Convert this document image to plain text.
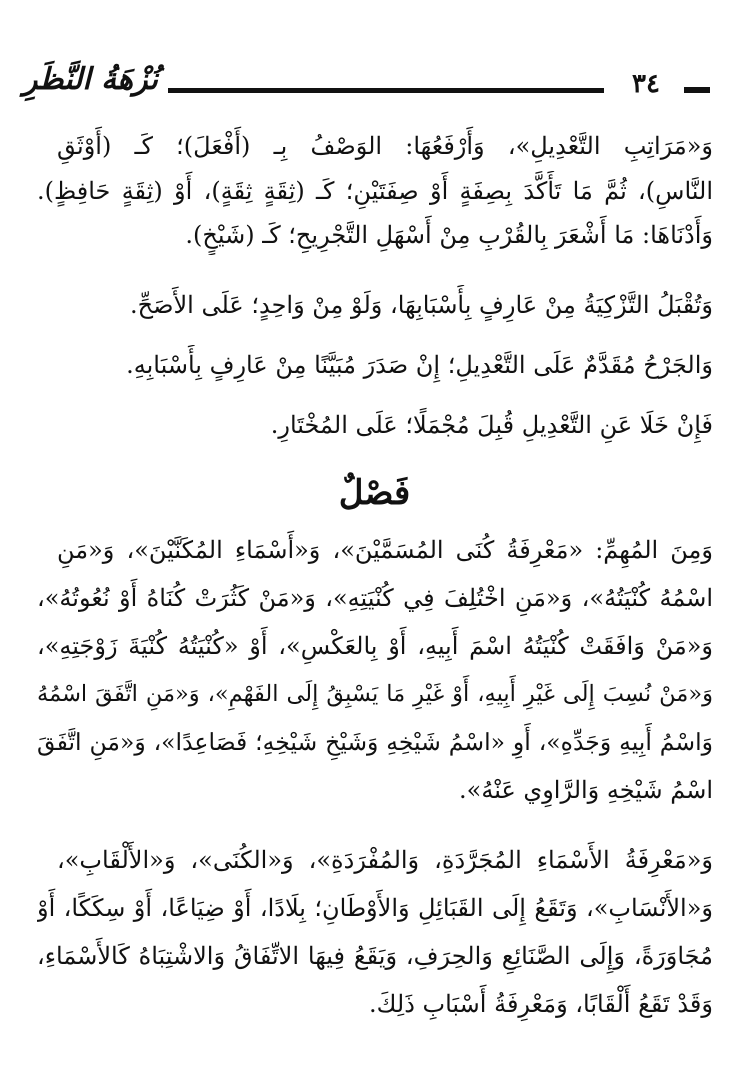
نُزْهَةُ النَّظَرِ	٣٤
وَ«مَرَاتِبِ التَّعْدِيلِ»، وَأَرْفَعُهَا: الوَصْفُ بِـ (أَفْعَلَ)؛ كَـ (أَوْثَقِ
النَّاسِ)، ثُمَّ مَا تَأَكَّدَ بِصِفَةٍ أَوْ صِفَتَيْنِ؛ كَـ (ثِقَةٍ ثِقَةٍ)، أَوْ (ثِقَةٍ حَافِظٍ).
وَأَدْنَاهَا: مَا أَشْعَرَ بِالقُرْبِ مِنْ أَسْهَلِ التَّجْرِيحِ؛ كَـ (شَيْخٍ).
وَتُقْبَلُ التَّزْكِيَةُ مِنْ عَارِفٍ بِأَسْبَابِهَا، وَلَوْ مِنْ وَاحِدٍ؛ عَلَى الأَصَحِّ.
وَالجَرْحُ مُقَدَّمٌ عَلَى التَّعْدِيلِ؛ إِنْ صَدَرَ مُبَيَّنًا مِنْ عَارِفٍ بِأَسْبَابِهِ.
فَإِنْ خَلَا عَنِ التَّعْدِيلِ قُبِلَ مُجْمَلًا؛ عَلَى المُخْتَارِ.
فَصْلٌ
وَمِنَ المُهِمِّ: «مَعْرِفَةُ كُنَى المُسَمَّيْنَ»، وَ«أَسْمَاءِ المُكَنَّيْنَ»، وَ«مَنِ
اسْمُهُ كُنْيَتُهُ»، وَ«مَنِ اخْتُلِفَ فِي كُنْيَتِهِ»، وَ«مَنْ كَثُرَتْ كُنَاهُ أَوْ نُعُوتُهُ»،
وَ«مَنْ وَافَقَتْ كُنْيَتُهُ اسْمَ أَبِيهِ، أَوْ بِالعَكْسِ»، أَوْ «كُنْيَتُهُ كُنْيَةَ زَوْجَتِهِ»،
وَ«مَنْ نُسِبَ إِلَى غَيْرِ أَبِيهِ، أَوْ غَيْرِ مَا يَسْبِقُ إِلَى الفَهْمِ»، وَ«مَنِ اتَّفَقَ اسْمُهُ
وَاسْمُ أَبِيهِ وَجَدِّهِ»، أَوِ «اسْمُ شَيْخِهِ وَشَيْخِ شَيْخِهِ؛ فَصَاعِدًا»، وَ«مَنِ اتَّفَقَ
اسْمُ شَيْخِهِ وَالرَّاوِي عَنْهُ».
وَ«مَعْرِفَةُ الأَسْمَاءِ المُجَرَّدَةِ، وَالمُفْرَدَةِ»، وَ«الكُنَى»، وَ«الأَلْقَابِ»،
وَ«الأَنْسَابِ»، وَتَقَعُ إِلَى القَبَائِلِ وَالأَوْطَانِ؛ بِلَادًا، أَوْ ضِيَاعًا، أَوْ سِكَكًا، أَوْ
مُجَاوَرَةً، وَإِلَى الصَّنَائِعِ وَالحِرَفِ، وَيَقَعُ فِيهَا الاتِّفَاقُ وَالاشْتِبَاهُ كَالأَسْمَاءِ،
وَقَدْ تَقَعُ أَلْقَابًا، وَمَعْرِفَةُ أَسْبَابِ ذَلِكَ.
